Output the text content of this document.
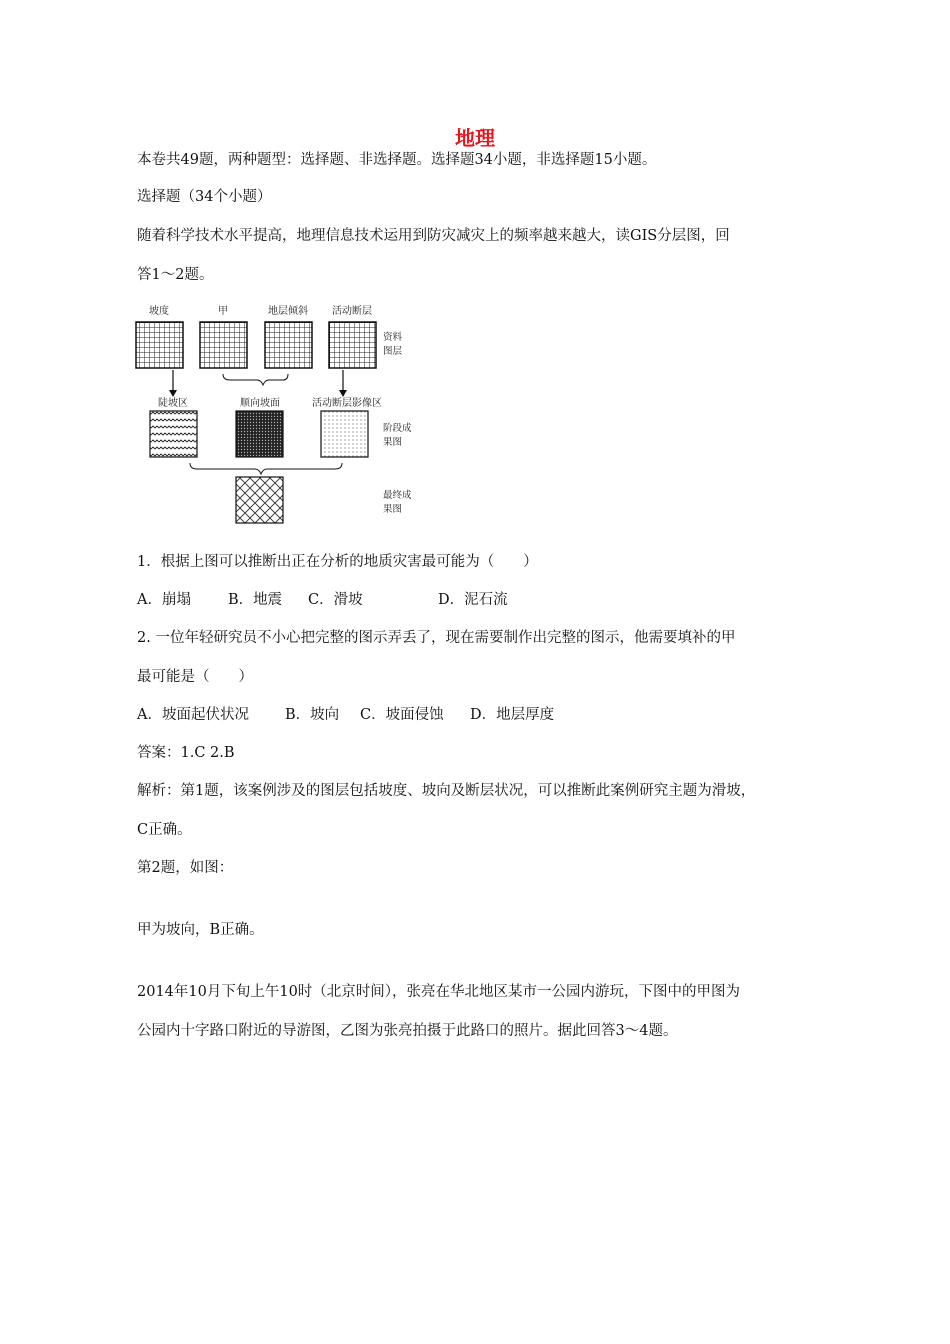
地理
本卷共49题，两种题型：选择题、非选择题。选择题34小题，非选择题15小题。
选择题（34个小题）
随着科学技术水平提高，地理信息技术运用到防灾减灾上的频率越来越大，读GIS分层图，回
答1～2题。
坡度	甲	地层倾斜 活动断层
资料
图层
陡坡区	顺向坡面	活动断层影像区
阶段成
果图
最终成
果图
1．根据上图可以推断出正在分析的地质灾害最可能为（　　）
A．崩塌	B．地震 C．滑坡	D．泥石流
2. 一位年轻研究员不小心把完整的图示弄丢了，现在需要制作出完整的图示，他需要填补的甲
最可能是（　　）
A．坡面起伏状况 B．坡向 C．坡面侵蚀 D．地层厚度
答案：1.C 2.B
解析：第1题，该案例涉及的图层包括坡度、坡向及断层状况，可以推断此案例研究主题为滑坡，
C正确。
第2题，如图：
甲为坡向，B正确。
2014年10月下旬上午10时（北京时间），张亮在华北地区某市一公园内游玩，下图中的甲图为
公园内十字路口附近的导游图，乙图为张亮拍摄于此路口的照片。据此回答3～4题。
